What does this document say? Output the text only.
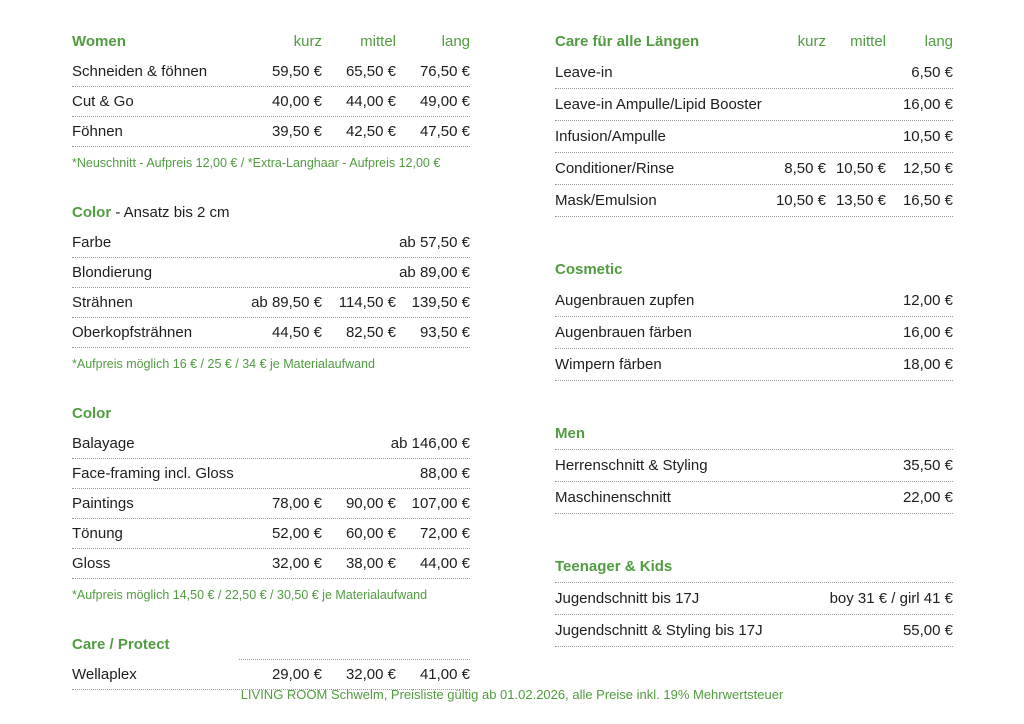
Women	kurz	mittel	lang
Schneiden & föhnen	59,50 €	65,50 €	76,50 €
Cut & Go	40,00 €	44,00 €	49,00 €
Föhnen	39,50 €	42,50 €	47,50 €
*Neuschnitt - Aufpreis 12,00 € / *Extra-Langhaar - Aufpreis 12,00 €
Color - Ansatz bis 2 cm
Farbe	ab 57,50 €
Blondierung	ab 89,00 €
Strähnen	ab 89,50 €	114,50 €	139,50 €
Oberkopfsträhnen	44,50 €	82,50 €	93,50 €
*Aufpreis möglich 16 € / 25 € / 34 € je Materialaufwand
Color
Balayage	ab 146,00 €
Face-framing incl. Gloss	88,00 €
Paintings	78,00 €	90,00 €	107,00 €
Tönung	52,00 €	60,00 €	72,00 €
Gloss	32,00 €	38,00 €	44,00 €
*Aufpreis möglich 14,50 € / 22,50 € / 30,50 € je Materialaufwand
Care / Protect
Wellaplex	29,00 €	32,00 €	41,00 €
Care für alle Längen	kurz	mittel	lang
Leave-in	6,50 €
Leave-in Ampulle/Lipid Booster	16,00 €
Infusion/Ampulle	10,50 €
Conditioner/Rinse	8,50 € 10,50 €	12,50 €
Mask/Emulsion	10,50 € 13,50 €	16,50 €
Cosmetic
Augenbrauen zupfen	12,00 €
Augenbrauen färben	16,00 €
Wimpern färben	18,00 €
Men
Herrenschnitt & Styling	35,50 €
Maschinenschnitt	22,00 €
Teenager & Kids
Jugendschnitt bis 17J	boy 31 € / girl 41 €
Jugendschnitt & Styling bis 17J	55,00 €
LIVING ROOM Schwelm, Preisliste gültig ab 01.02.2026, alle Preise inkl. 19% Mehrwertsteuer
